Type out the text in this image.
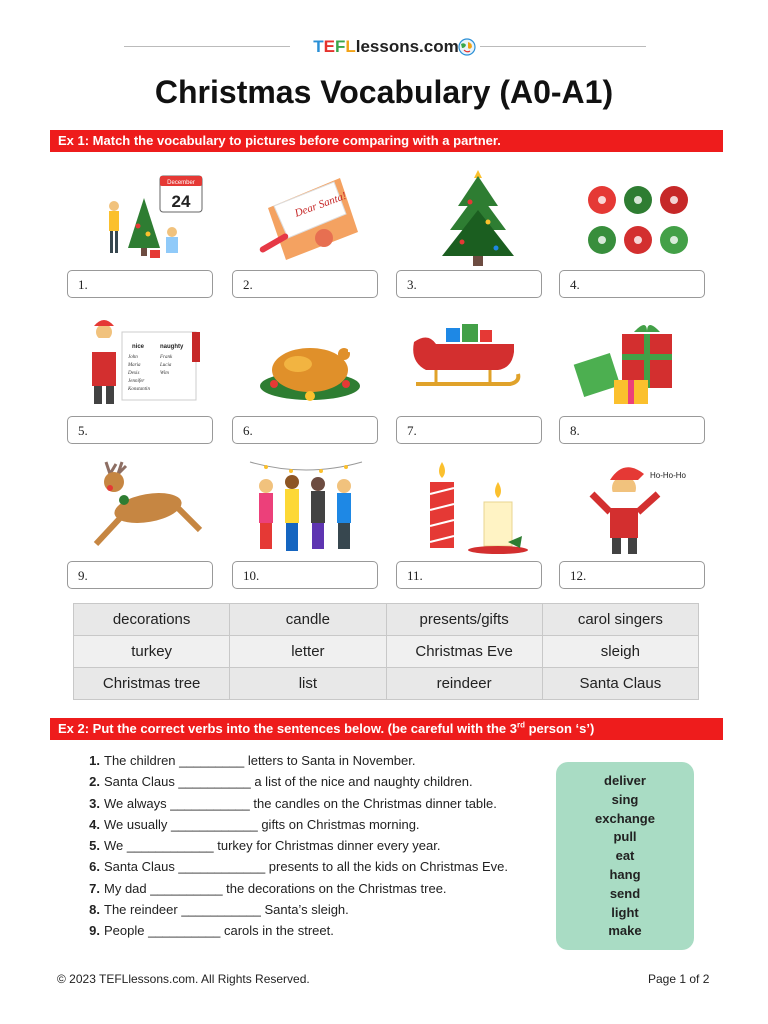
TEFLlessons.com
Christmas Vocabulary (A0-A1)
Ex 1: Match the vocabulary to pictures before comparing with a partner.
December
24	Dear Santa!
1.	2.	3.	4.
nice	naughty
John
Maria
Dexis
Jennifer
Konstantin
Frank
Lucia
Wim
5.	6.	7.	8.
Ho-Ho-Ho
9.	10.	11.	12.
decorations	candle	presents/gifts	carol singers
turkey	letter	Christmas Eve	sleigh
Christmas tree	list	reindeer	Santa Claus
Ex 2: Put the correct verbs into the sentences below. (be careful with the 3rd person ‘s’)
1. The children _________ letters to Santa in November.
2. Santa Claus __________ a list of the nice and naughty children.
3. We always ___________ the candles on the Christmas dinner table.
4. We usually ____________ gifts on Christmas morning.
5. We ____________ turkey for Christmas dinner every year.
6. Santa Claus ____________ presents to all the kids on Christmas Eve.
7. My dad __________ the decorations on the Christmas tree.
8. The reindeer ___________ Santa’s sleigh.
9. People __________ carols in the street.
deliver
sing
exchange
pull
eat
hang
send
light
make
© 2023 TEFLlessons.com. All Rights Reserved.	Page 1 of 2
